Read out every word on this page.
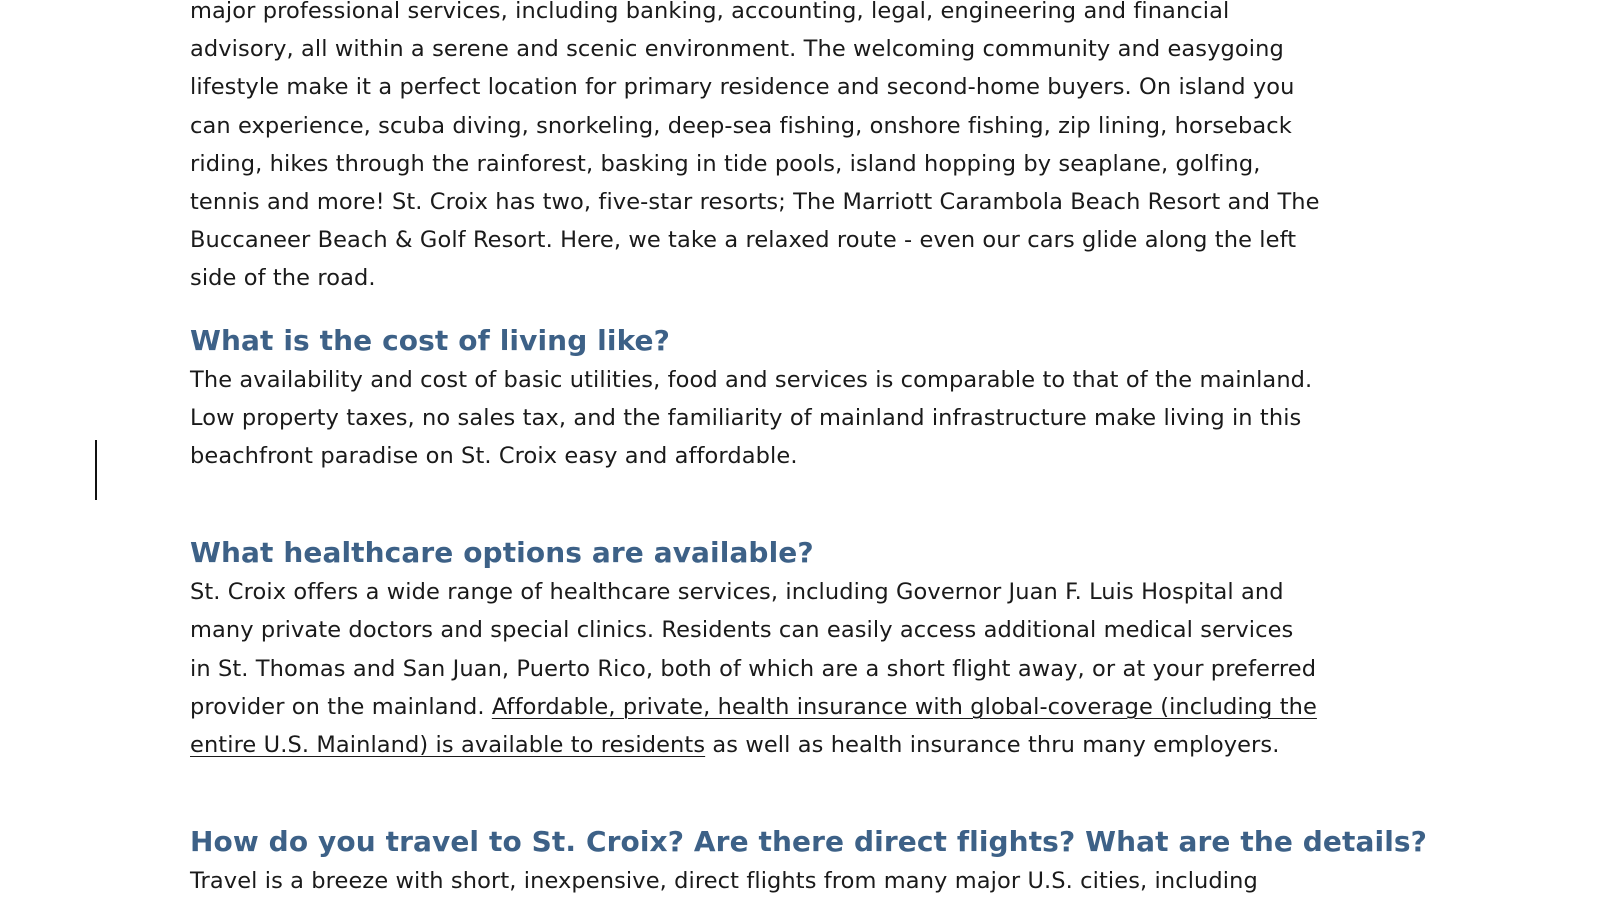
major professional services, including banking, accounting, legal, engineering and financial

advisory, all within a serene and scenic environment. The welcoming community and easygoing

lifestyle make it a perfect location for primary residence and second-home buyers. On island you

can experience, scuba diving, snorkeling, deep-sea fishing, onshore fishing, zip lining, horseback

riding, hikes through the rainforest, basking in tide pools, island hopping by seaplane, golfing,

tennis and more! St. Croix has two, five-star resorts; The Marriott Carambola Beach Resort and The

Buccaneer Beach & Golf Resort. Here, we take a relaxed route - even our cars glide along the left

side of the road.

What is the cost of living like?

The availability and cost of basic utilities, food and services is comparable to that of the mainland.

Low property taxes, no sales tax, and the familiarity of mainland infrastructure make living in this

beachfront paradise on St. Croix easy and affordable.

What healthcare options are available?

St. Croix offers a wide range of healthcare services, including Governor Juan F. Luis Hospital and

many private doctors and special clinics. Residents can easily access additional medical services

in St. Thomas and San Juan, Puerto Rico, both of which are a short flight away, or at your preferred

provider on the mainland. Affordable, private, health insurance with global-coverage (including the

entire U.S. Mainland) is available to residents as well as health insurance thru many employers.

How do you travel to St. Croix? Are there direct flights? What are the details?

Travel is a breeze with short, inexpensive, direct flights from many major U.S. cities, including
